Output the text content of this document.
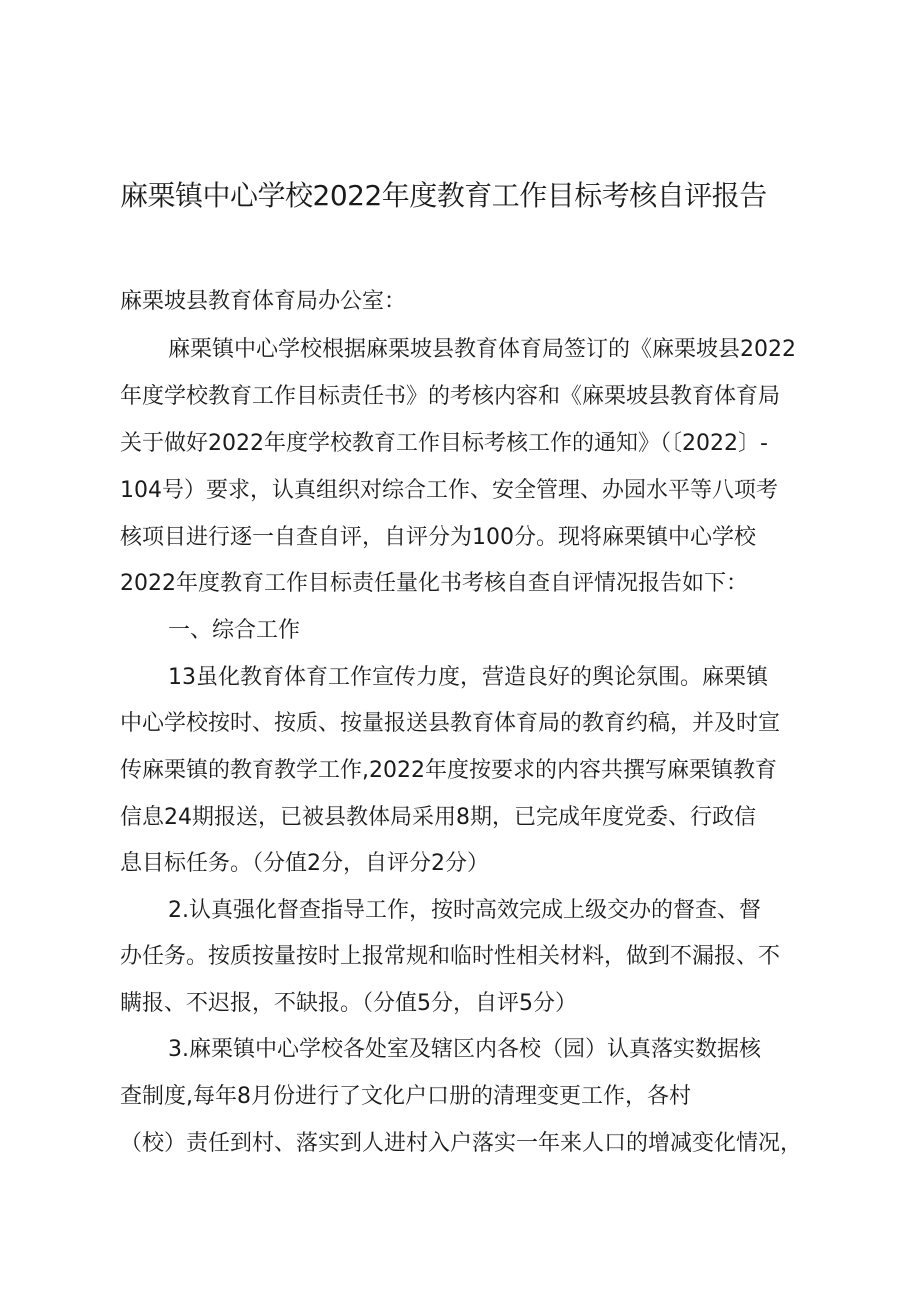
麻栗镇中心学校2022年度教育工作目标考核自评报告

麻栗坡县教育体育局办公室：

麻栗镇中心学校根据麻栗坡县教育体育局签订的《麻栗坡县2022

年度学校教育工作目标责任书》的考核内容和《麻栗坡县教育体育局

关于做好2022年度学校教育工作目标考核工作的通知》（〔2022〕-

104号）要求，认真组织对综合工作、安全管理、办园水平等八项考

核项目进行逐一自查自评，自评分为100分。现将麻栗镇中心学校

2022年度教育工作目标责任量化书考核自查自评情况报告如下：

一、综合工作

13虽化教育体育工作宣传力度，营造良好的舆论氛围。麻栗镇

中心学校按时、按质、按量报送县教育体育局的教育约稿，并及时宣

传麻栗镇的教育教学工作,2022年度按要求的内容共撰写麻栗镇教育

信息24期报送，已被县教体局采用8期，已完成年度党委、行政信

息目标任务。（分值2分，自评分2分）

2.认真强化督查指导工作，按时高效完成上级交办的督查、督

办任务。按质按量按时上报常规和临时性相关材料，做到不漏报、不

瞒报、不迟报，不缺报。（分值5分，自评5分）

3.麻栗镇中心学校各处室及辖区内各校（园）认真落实数据核

查制度,每年8月份进行了文化户口册的清理变更工作，各村

（校）责任到村、落实到人进村入户落实一年来人口的增减变化情况，
